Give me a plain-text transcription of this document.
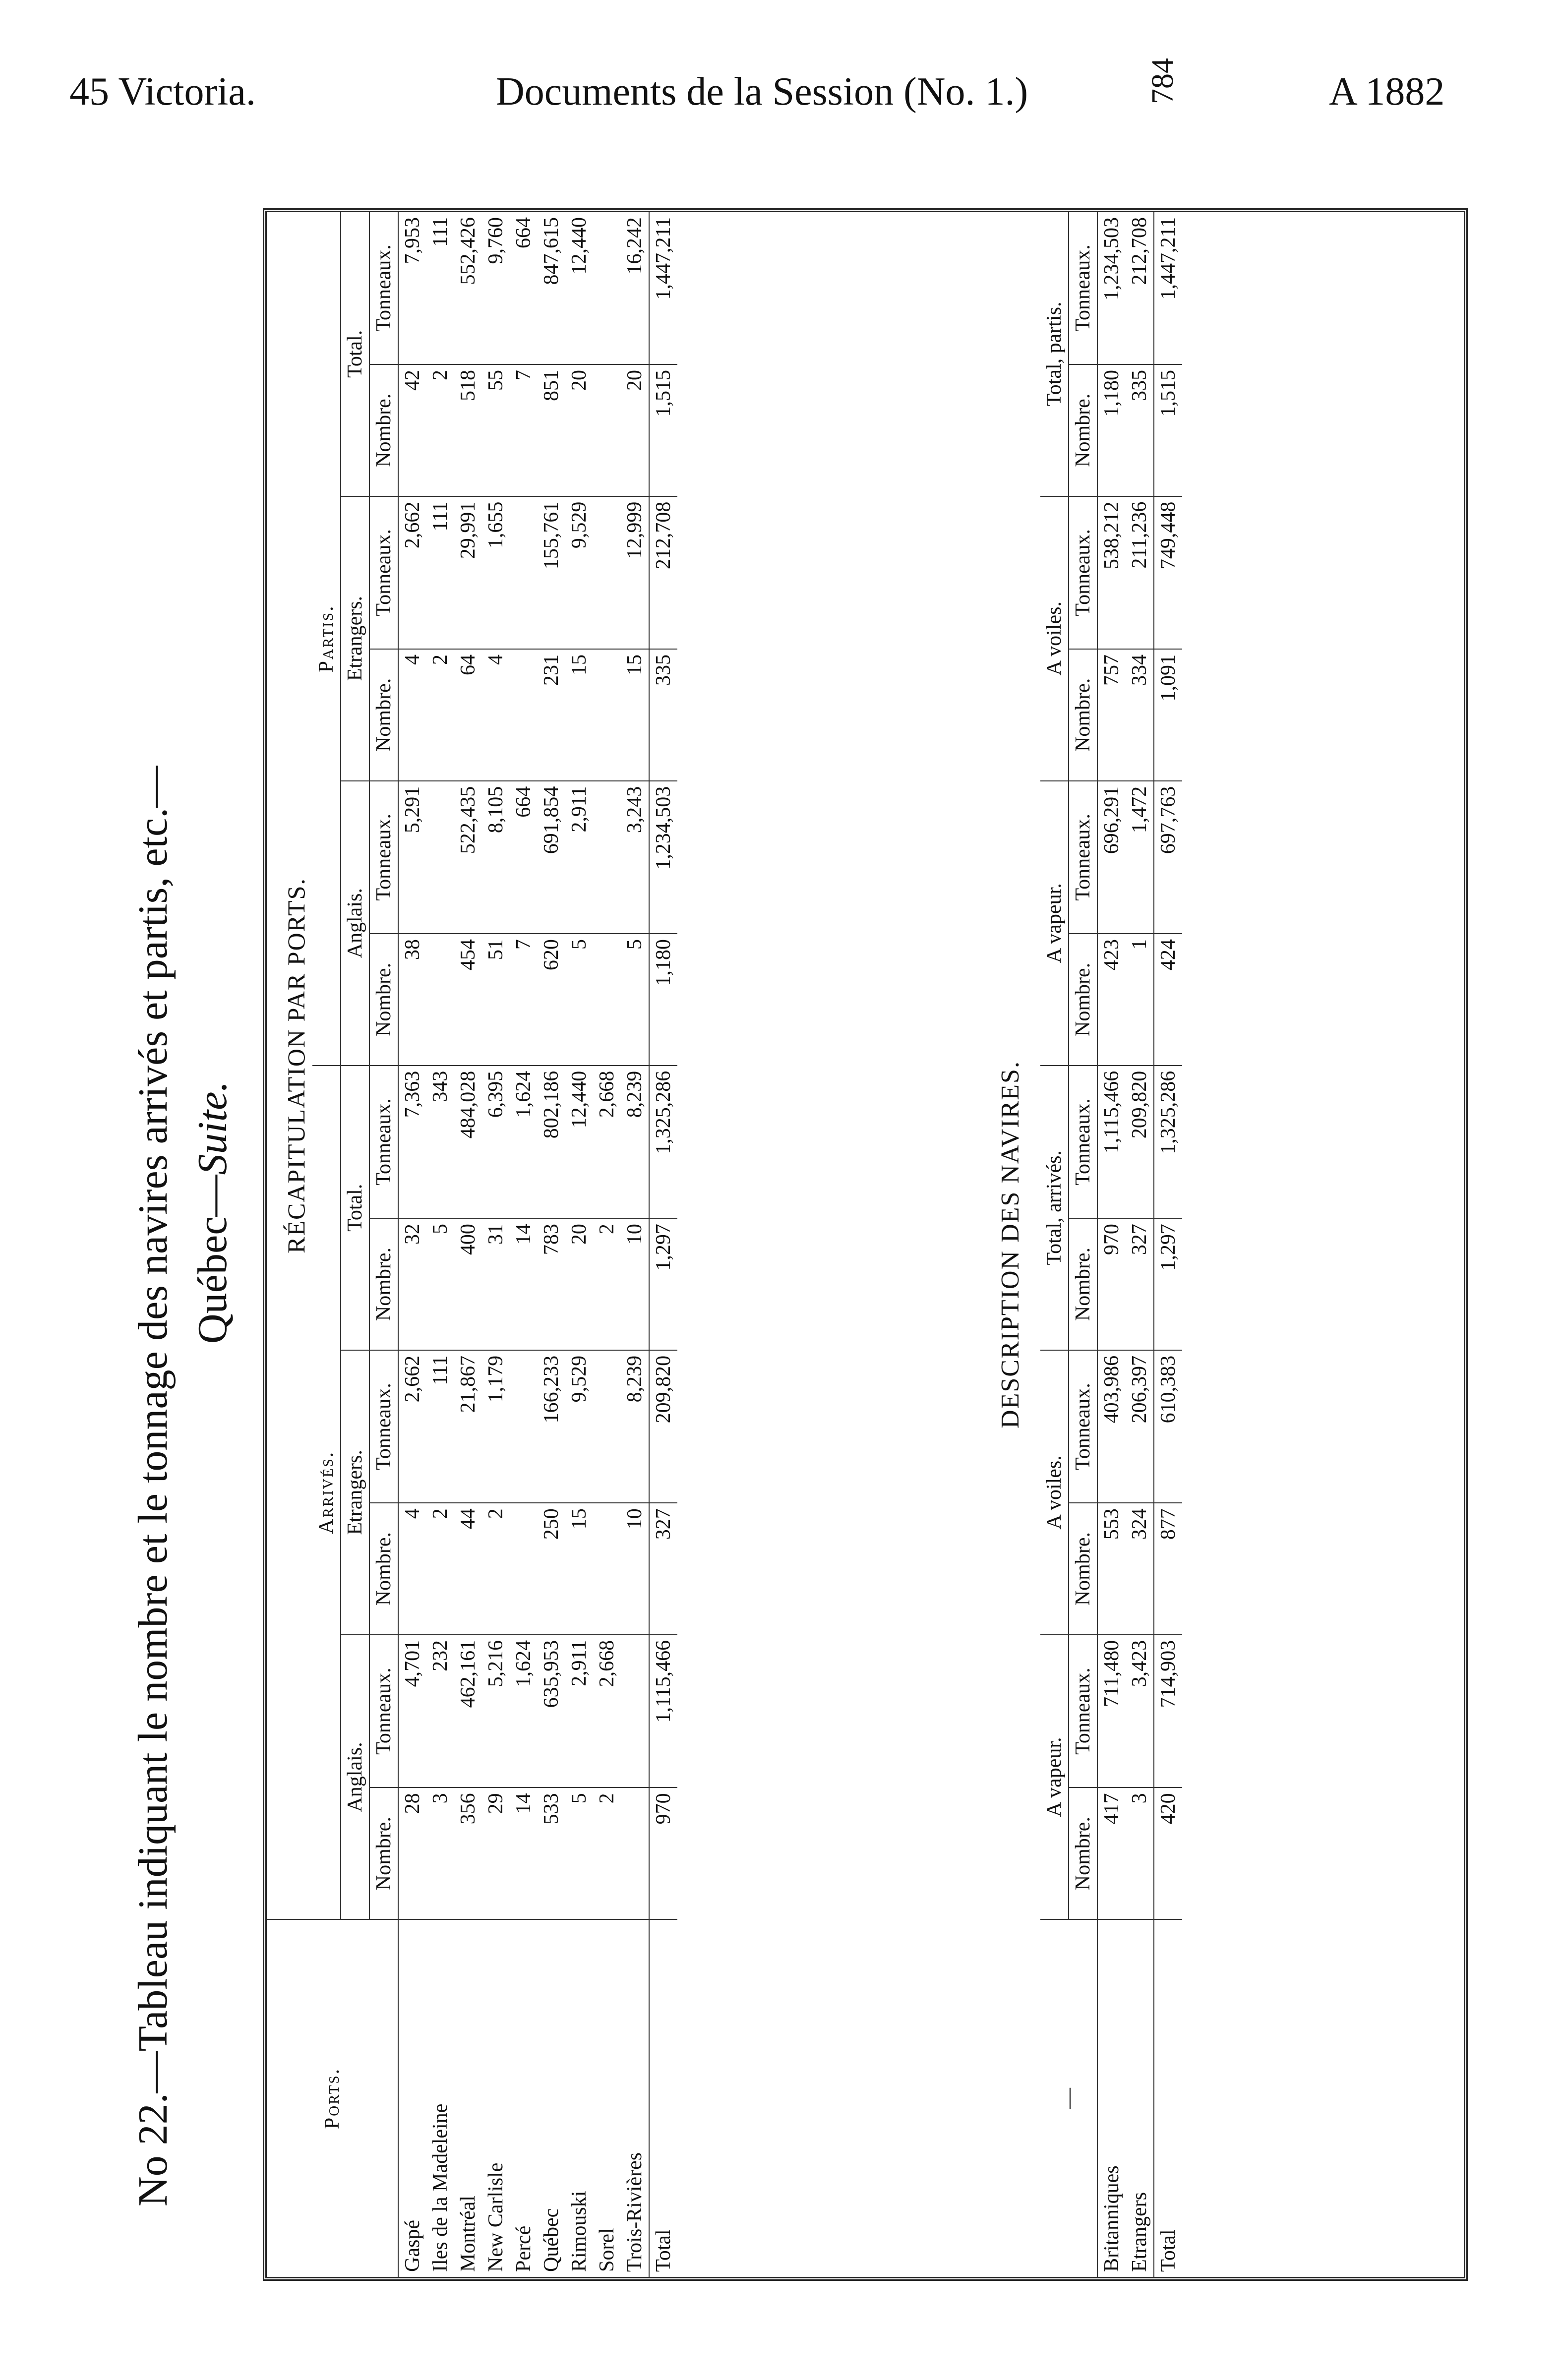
45 Victoria.	Documents de la Session (No. 1.)	A 1882
No 22.—Tableau indiquant le nombre et le tonnage des navires arrivés et partis, etc.— Québec—Suite.
784
Ports.	RÉCAPITULATION PAR PORTS.											
	Arrivés.						Partis.					
	Anglais.		Etrangers.		Total.		Anglais.		Etrangers.		Total.	
	Nombre.	Tonneaux.	Nombre.	Tonneaux.	Nombre.	Tonneaux.	Nombre.	Tonneaux.	Nombre.	Tonneaux.	Nombre.	Tonneaux.
Gaspé	28	4,701	4	2,662	32	7,363	38	5,291	4	2,662	42	7,953
Iles de la Madeleine	3	232	2	111	5	343			2	111	2	111
Montréal	356	462,161	44	21,867	400	484,028	454	522,435	64	29,991	518	552,426
New Carlisle	29	5,216	2	1,179	31	6,395	51	8,105	4	1,655	55	9,760
Percé	14	1,624			14	1,624	7	664			7	664
Québec	533	635,953	250	166,233	783	802,186	620	691,854	231	155,761	851	847,615
Rimouski	5	2,911	15	9,529	20	12,440	5	2,911	15	9,529	20	12,440
Sorel	2	2,668			2	2,668						
Trois-Rivières			10	8,239	10	8,239	5	3,243	15	12,999	20	16,242
Total	970	1,115,466	327	209,820	1,297	1,325,286	1,180	1,234,503	335	212,708	1,515	1,447,211
DESCRIPTION DES NAVIRES.
—	A vapeur.		A voiles.		Total, arrivés.		A vapeur.		A voiles.		Total, partis.	
	Nombre.	Tonneaux.	Nombre.	Tonneaux.	Nombre.	Tonneaux.	Nombre.	Tonneaux.	Nombre.	Tonneaux.	Nombre.	Tonneaux.
Britanniques	417	711,480	553	403,986	970	1,115,466	423	696,291	757	538,212	1,180	1,234,503
Etrangers	3	3,423	324	206,397	327	209,820	1	1,472	334	211,236	335	212,708
Total	420	714,903	877	610,383	1,297	1,325,286	424	697,763	1,091	749,448	1,515	1,447,211
